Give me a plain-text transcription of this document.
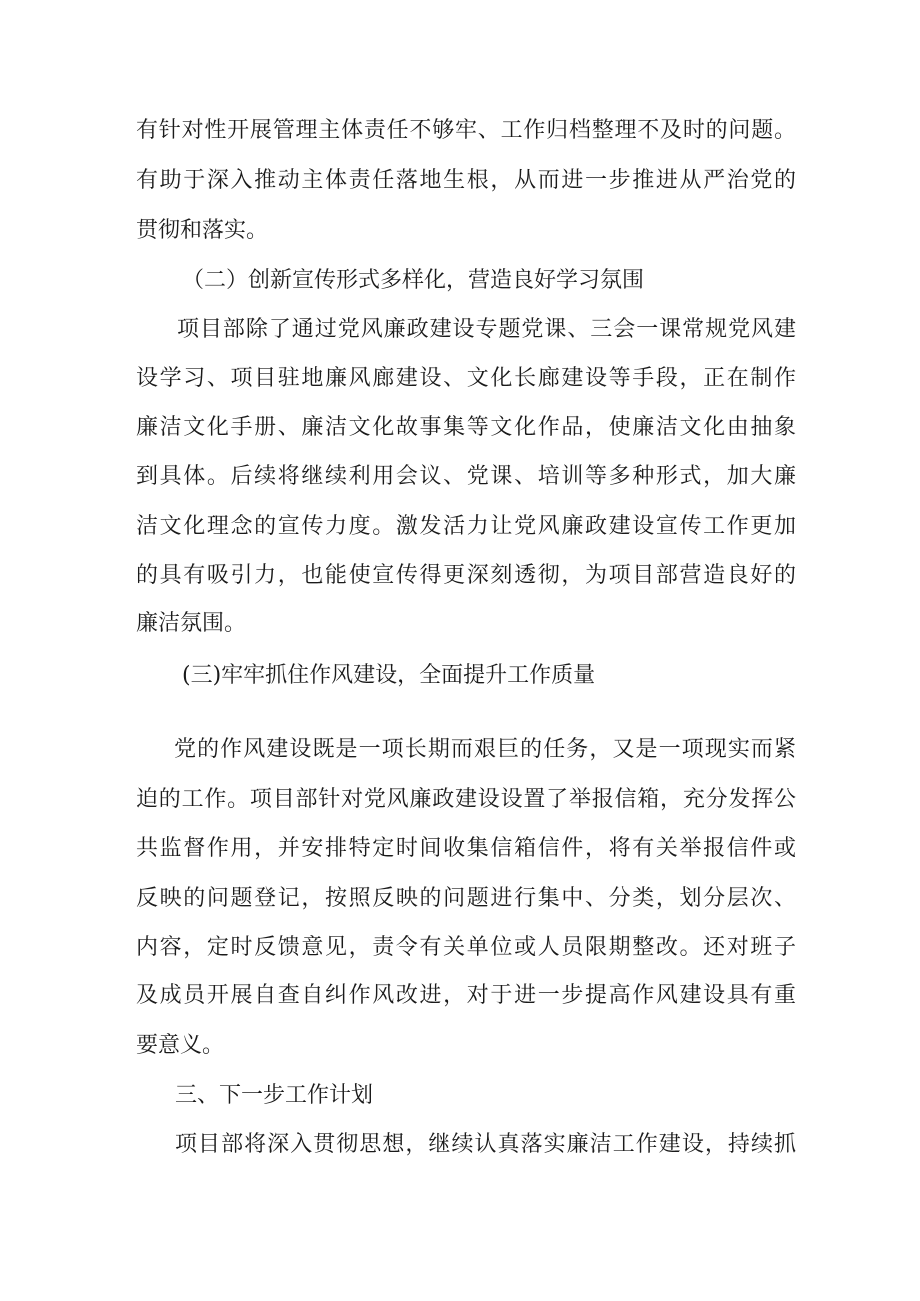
有针对性开展管理主体责任不够牢、工作归档整理不及时的问题。
有助于深入推动主体责任落地生根，从而进一步推进从严治党的
贯彻和落实。
（二）创新宣传形式多样化，营造良好学习氛围
项目部除了通过党风廉政建设专题党课、三会一课常规党风建
设学习、项目驻地廉风廊建设、文化长廊建设等手段，正在制作
廉洁文化手册、廉洁文化故事集等文化作品，使廉洁文化由抽象
到具体。后续将继续利用会议、党课、培训等多种形式，加大廉
洁文化理念的宣传力度。激发活力让党风廉政建设宣传工作更加
的具有吸引力，也能使宣传得更深刻透彻，为项目部营造良好的
廉洁氛围。
(三)牢牢抓住作风建设，全面提升工作质量
党的作风建设既是一项长期而艰巨的任务，又是一项现实而紧
迫的工作。项目部针对党风廉政建设设置了举报信箱，充分发挥公
共监督作用，并安排特定时间收集信箱信件，将有关举报信件或
反映的问题登记，按照反映的问题进行集中、分类，划分层次、
内容，定时反馈意见，责令有关单位或人员限期整改。还对班子
及成员开展自查自纠作风改进，对于进一步提高作风建设具有重
要意义。
三、下一步工作计划
项目部将深入贯彻思想，继续认真落实廉洁工作建设，持续抓
